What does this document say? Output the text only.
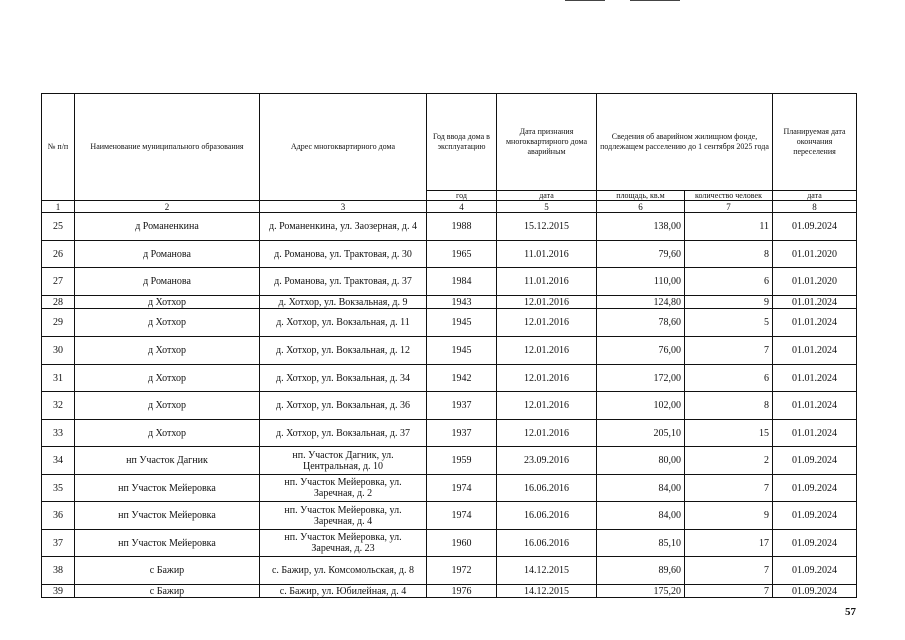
№ п/п	Наименование муниципального образования	Адрес многоквартирного дома	Год ввода дома в эксплуатацию	Дата признания многоквартирного дома аварийным	Сведения об аварийном жилищном фонде, подлежащем расселению до 1 сентября 2025 года		Планируемая дата окончания переселения
			год	дата	площадь, кв.м	количество человек	дата
1	2	3	4	5	6	7	8
25	д Романенкина	д. Романенкина, ул. Заозерная, д. 4	1988	15.12.2015	138,00	11	01.09.2024
26	д Романова	д. Романова, ул. Трактовая, д. 30	1965	11.01.2016	79,60	8	01.01.2020
27	д Романова	д. Романова, ул. Трактовая, д. 37	1984	11.01.2016	110,00	6	01.01.2020
28	д Хотхор	д. Хотхор, ул. Вокзальная, д. 9	1943	12.01.2016	124,80	9	01.01.2024
29	д Хотхор	д. Хотхор, ул. Вокзальная, д. 11	1945	12.01.2016	78,60	5	01.01.2024
30	д Хотхор	д. Хотхор, ул. Вокзальная, д. 12	1945	12.01.2016	76,00	7	01.01.2024
31	д Хотхор	д. Хотхор, ул. Вокзальная, д. 34	1942	12.01.2016	172,00	6	01.01.2024
32	д Хотхор	д. Хотхор, ул. Вокзальная, д. 36	1937	12.01.2016	102,00	8	01.01.2024
33	д Хотхор	д. Хотхор, ул. Вокзальная, д. 37	1937	12.01.2016	205,10	15	01.01.2024
34	нп Участок Дагник	нп. Участок Дагник, ул. Центральная, д. 10	1959	23.09.2016	80,00	2	01.09.2024
35	нп Участок Мейеровка	нп. Участок Мейеровка, ул. Заречная, д. 2	1974	16.06.2016	84,00	7	01.09.2024
36	нп Участок Мейеровка	нп. Участок Мейеровка, ул. Заречная, д. 4	1974	16.06.2016	84,00	9	01.09.2024
37	нп Участок Мейеровка	нп. Участок Мейеровка, ул. Заречная, д. 23	1960	16.06.2016	85,10	17	01.09.2024
38	с Бажир	с. Бажир, ул. Комсомольская, д. 8	1972	14.12.2015	89,60	7	01.09.2024
39	с Бажир	с. Бажир, ул. Юбилейная, д. 4	1976	14.12.2015	175,20	7	01.09.2024
57
